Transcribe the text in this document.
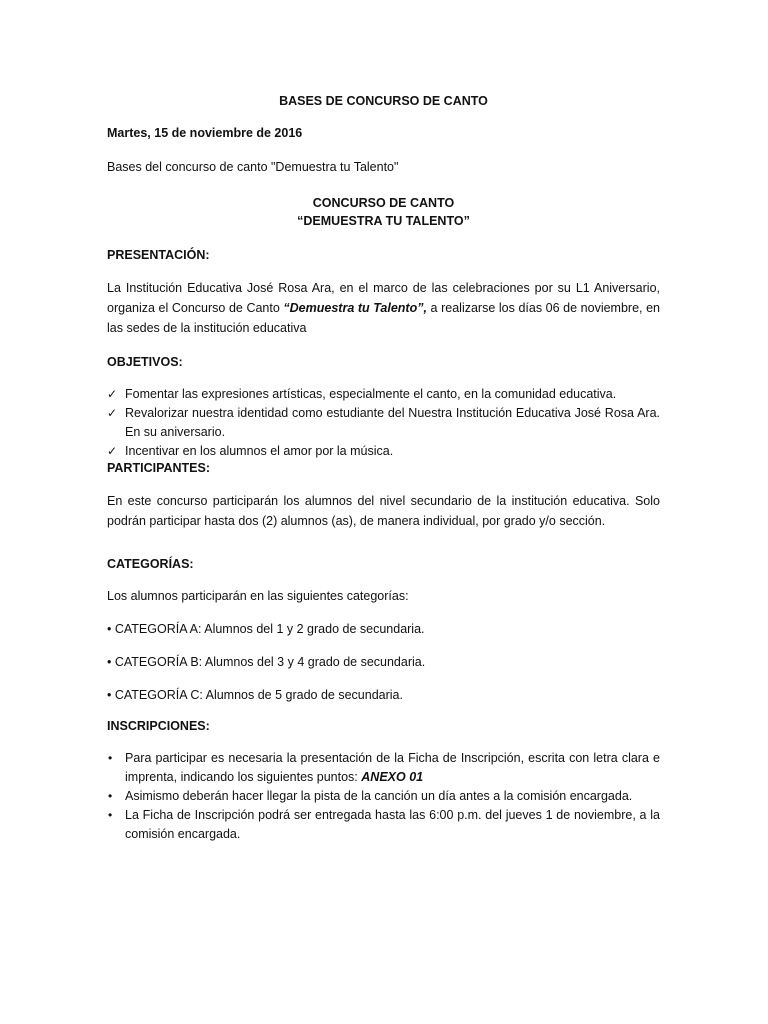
BASES DE CONCURSO DE CANTO

Martes, 15 de noviembre de 2016

Bases del concurso de canto "Demuestra tu Talento"

CONCURSO DE CANTO
“DEMUESTRA TU TALENTO”

PRESENTACIÓN:

La Institución Educativa José Rosa Ara, en el marco de las celebraciones por su L1 Aniversario, organiza el Concurso de Canto “Demuestra tu Talento”, a realizarse los días 06 de noviembre, en las sedes de la institución educativa

OBJETIVOS:

✓ Fomentar las expresiones artísticas, especialmente el canto, en la comunidad educativa.
✓ Revalorizar nuestra identidad como estudiante del Nuestra Institución Educativa José Rosa Ara. En su aniversario.
✓ Incentivar en los alumnos el amor por la música.

PARTICIPANTES:

En este concurso participarán los alumnos del nivel secundario de la institución educativa. Solo podrán participar hasta dos (2) alumnos (as), de manera individual, por grado y/o sección.

CATEGORÍAS:

Los alumnos participarán en las siguientes categorías:

• CATEGORÍA A: Alumnos del 1 y 2 grado de secundaria.

• CATEGORÍA B: Alumnos del 3 y 4 grado de secundaria.

• CATEGORÍA C: Alumnos de 5 grado de secundaria.

INSCRIPCIONES:

•	Para participar es necesaria la presentación de la Ficha de Inscripción, escrita con letra clara e imprenta, indicando los siguientes puntos: ANEXO 01
•	Asimismo deberán hacer llegar la pista de la canción un día antes a la comisión encargada.
•	La Ficha de Inscripción podrá ser entregada hasta las 6:00 p.m. del jueves 1 de noviembre, a la comisión encargada.
